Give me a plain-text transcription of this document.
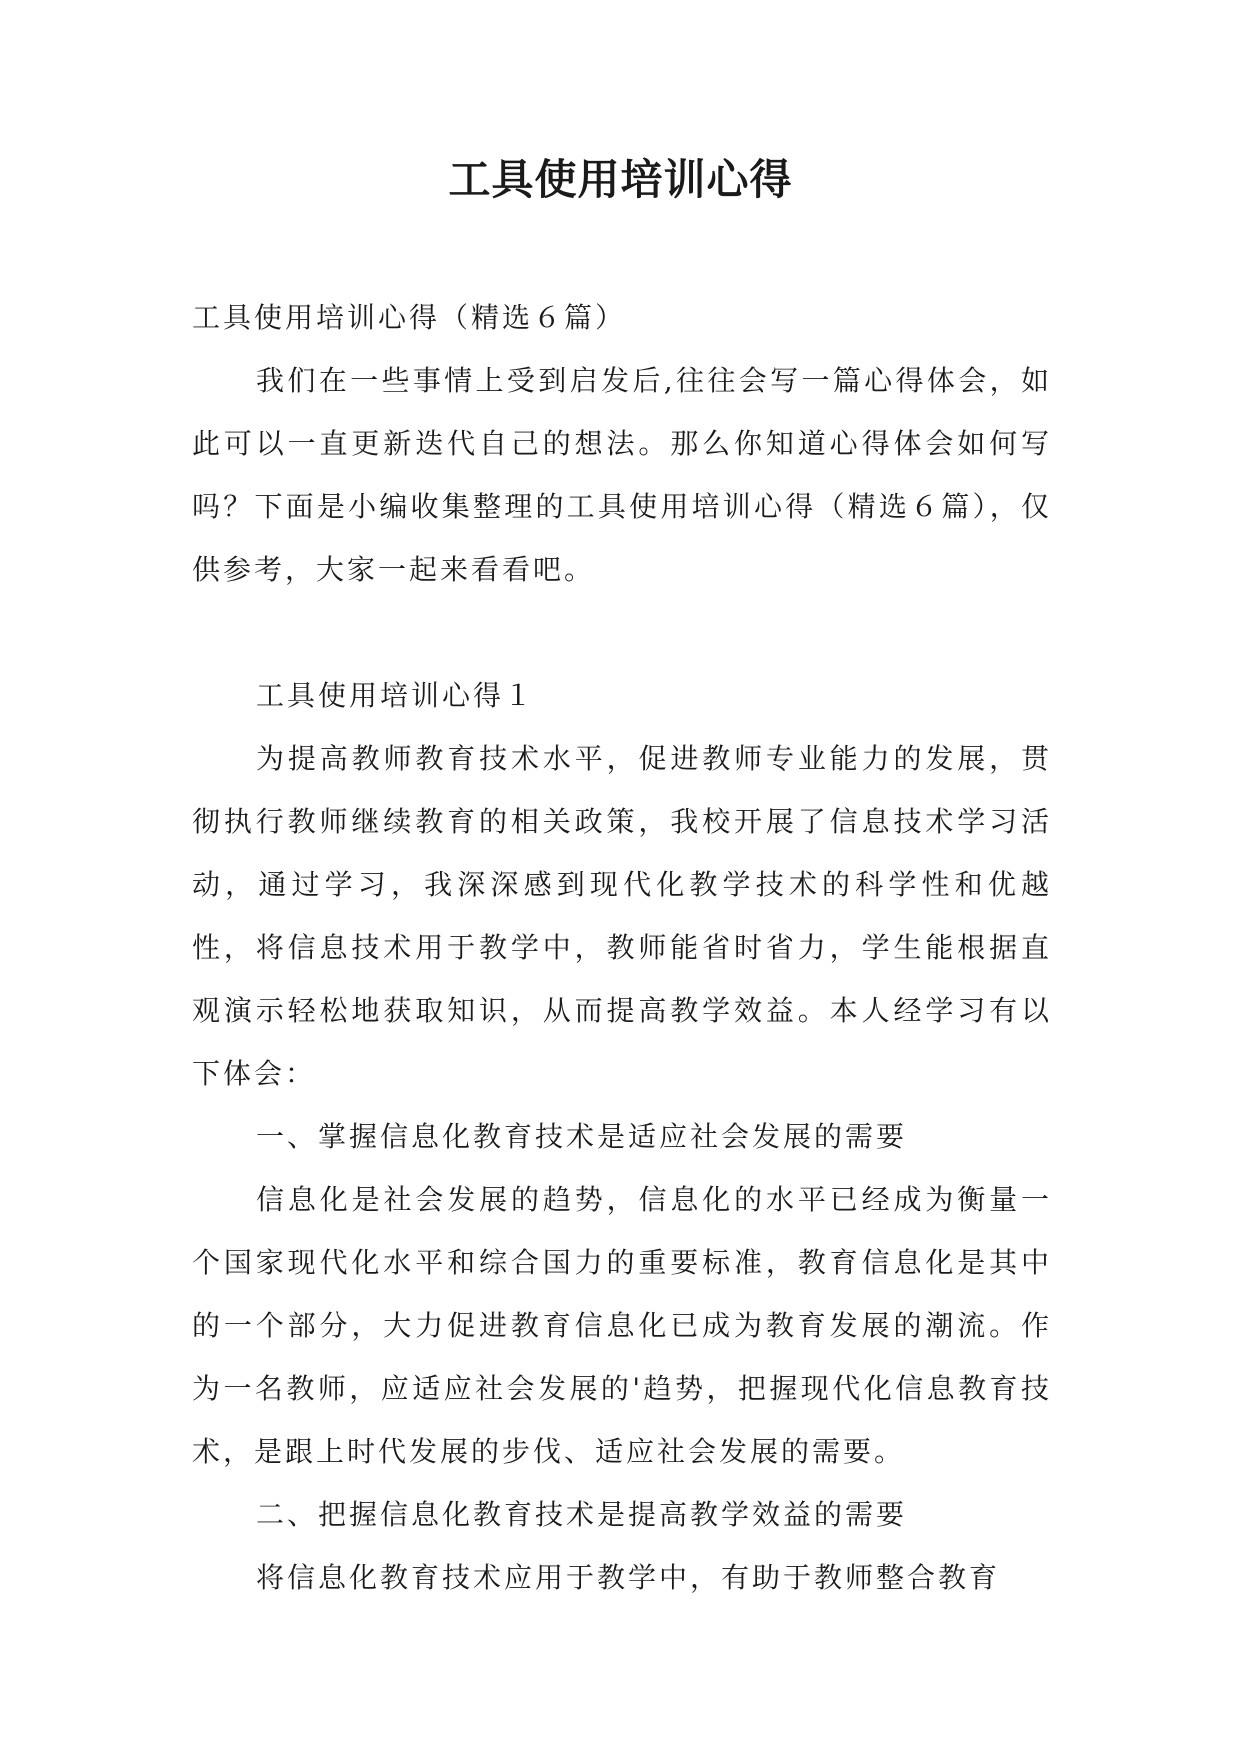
工具使用培训心得

工具使用培训心得（精选６篇）

我们在一些事情上受到启发后,往往会写一篇心得体会，如此可以一直更新迭代自己的想法。那么你知道心得体会如何写吗？下面是小编收集整理的工具使用培训心得（精选６篇），仅供参考，大家一起来看看吧。

工具使用培训心得１

为提高教师教育技术水平，促进教师专业能力的发展，贯彻执行教师继续教育的相关政策，我校开展了信息技术学习活动，通过学习，我深深感到现代化教学技术的科学性和优越性，将信息技术用于教学中，教师能省时省力，学生能根据直观演示轻松地获取知识，从而提高教学效益。本人经学习有以下体会：

一、掌握信息化教育技术是适应社会发展的需要

信息化是社会发展的趋势，信息化的水平已经成为衡量一个国家现代化水平和综合国力的重要标准，教育信息化是其中的一个部分，大力促进教育信息化已成为教育发展的潮流。作为一名教师，应适应社会发展的'趋势，把握现代化信息教育技术，是跟上时代发展的步伐、适应社会发展的需要。

二、把握信息化教育技术是提高教学效益的需要

将信息化教育技术应用于教学中，有助于教师整合教育
